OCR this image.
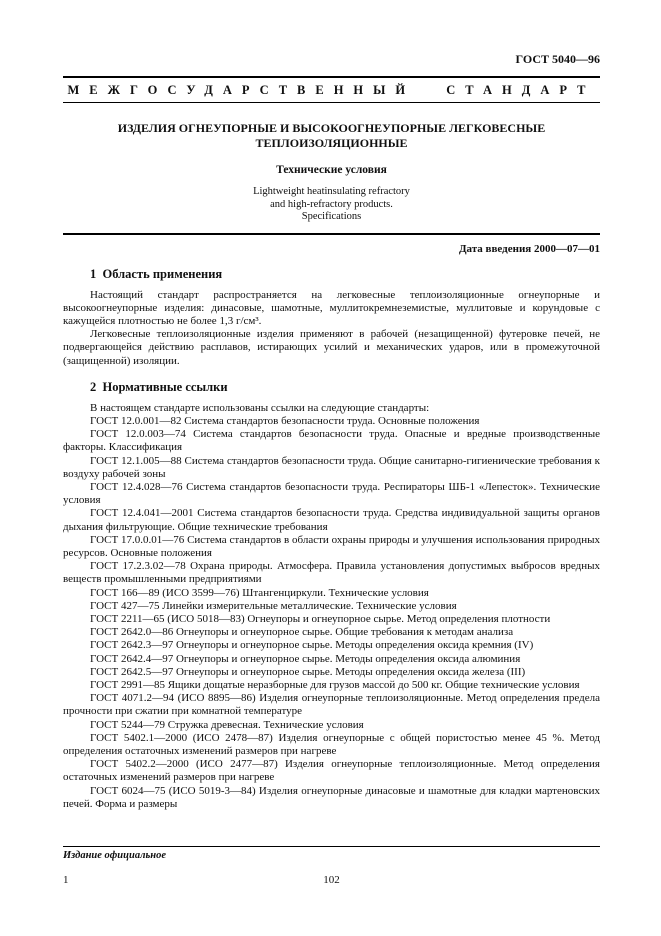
ГОСТ 5040—96
МЕЖГОСУДАРСТВЕННЫЙ СТАНДАРТ
ИЗДЕЛИЯ ОГНЕУПОРНЫЕ И ВЫСОКООГНЕУПОРНЫЕ ЛЕГКОВЕСНЫЕ
ТЕПЛОИЗОЛЯЦИОННЫЕ
Технические условия
Lightweight heatinsulating refractory
and high-refractory products.
Specifications
Дата введения 2000—07—01
1  Область применения

Настоящий стандарт распространяется на легковесные теплоизоляционные огнеупорные и высокоогнеупорные изделия: динасовые, шамотные, муллитокремнеземистые, муллитовые и корундовые с кажущейся плотностью не более 1,3 г/см³.

Легковесные теплоизоляционные изделия применяют в рабочей (незащищенной) футеровке печей, не подвергающейся действию расплавов, истирающих усилий и механических ударов, или в промежуточной (защищенной) изоляции.

2  Нормативные ссылки

В настоящем стандарте использованы ссылки на следующие стандарты:

ГОСТ 12.0.001—82 Система стандартов безопасности труда. Основные положения

ГОСТ 12.0.003—74 Система стандартов безопасности труда. Опасные и вредные производственные факторы. Классификация

ГОСТ 12.1.005—88 Система стандартов безопасности труда. Общие санитарно-гигиенические требования к воздуху рабочей зоны

ГОСТ 12.4.028—76 Система стандартов безопасности труда. Респираторы ШБ-1 «Лепесток». Технические условия

ГОСТ 12.4.041—2001 Система стандартов безопасности труда. Средства индивидуальной защиты органов дыхания фильтрующие. Общие технические требования

ГОСТ 17.0.0.01—76 Система стандартов в области охраны природы и улучшения использования природных ресурсов. Основные положения

ГОСТ 17.2.3.02—78 Охрана природы. Атмосфера. Правила установления допустимых выбросов вредных веществ промышленными предприятиями

ГОСТ 166—89 (ИСО 3599—76) Штангенциркули. Технические условия

ГОСТ 427—75 Линейки измерительные металлические. Технические условия

ГОСТ 2211—65 (ИСО 5018—83) Огнеупоры и огнеупорное сырье. Метод определения плотности

ГОСТ 2642.0—86 Огнеупоры и огнеупорное сырье. Общие требования к методам анализа

ГОСТ 2642.3—97 Огнеупоры и огнеупорное сырье. Методы определения оксида кремния (IV)

ГОСТ 2642.4—97 Огнеупоры и огнеупорное сырье. Методы определения оксида алюминия

ГОСТ 2642.5—97 Огнеупоры и огнеупорное сырье. Методы определения оксида железа (III)

ГОСТ 2991—85 Ящики дощатые неразборные для грузов массой до 500 кг. Общие технические условия

ГОСТ 4071.2—94 (ИСО 8895—86) Изделия огнеупорные теплоизоляционные. Метод определения предела прочности при сжатии при комнатной температуре

ГОСТ 5244—79 Стружка древесная. Технические условия

ГОСТ 5402.1—2000 (ИСО 2478—87) Изделия огнеупорные с общей пористостью менее 45 %. Метод определения остаточных изменений размеров при нагреве

ГОСТ 5402.2—2000 (ИСО 2477—87) Изделия огнеупорные теплоизоляционные. Метод определения остаточных изменений размеров при нагреве

ГОСТ 6024—75 (ИСО 5019-3—84) Изделия огнеупорные динасовые и шамотные для кладки мартеновских печей. Форма и размеры

Издание официальное
1	102
